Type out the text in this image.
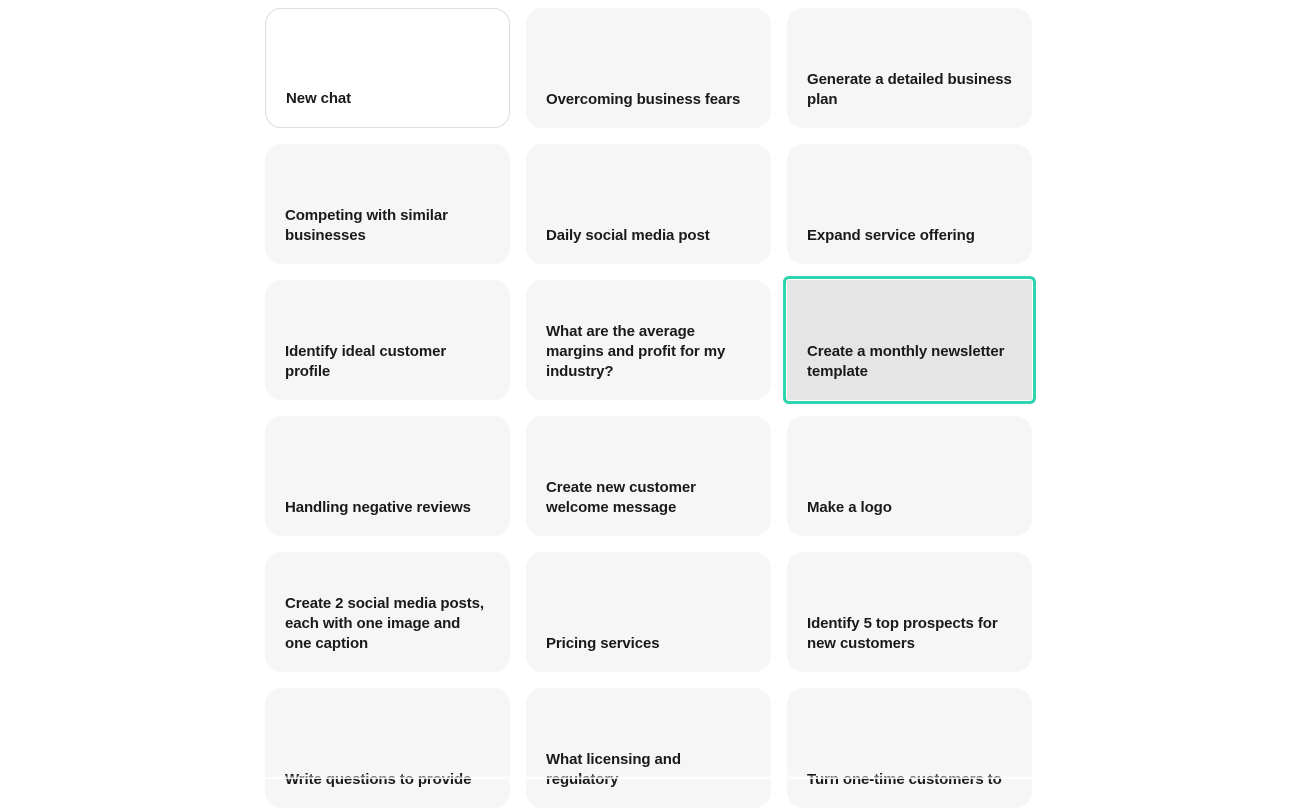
New chat	Overcoming business fears
Generate a detailed business plan
Competing with similar businesses	Daily social media post	Expand service offering
Identify ideal customer profile
What are the average margins and profit for my industry?
Create a monthly newsletter template
Handling negative reviews
Create new customer welcome message	Make a logo
Create 2 social media posts, each with one image and one caption	Pricing services
Identify 5 top prospects for new customers
Write questions to provide
What licensing and regulatory	Turn one-time customers to
